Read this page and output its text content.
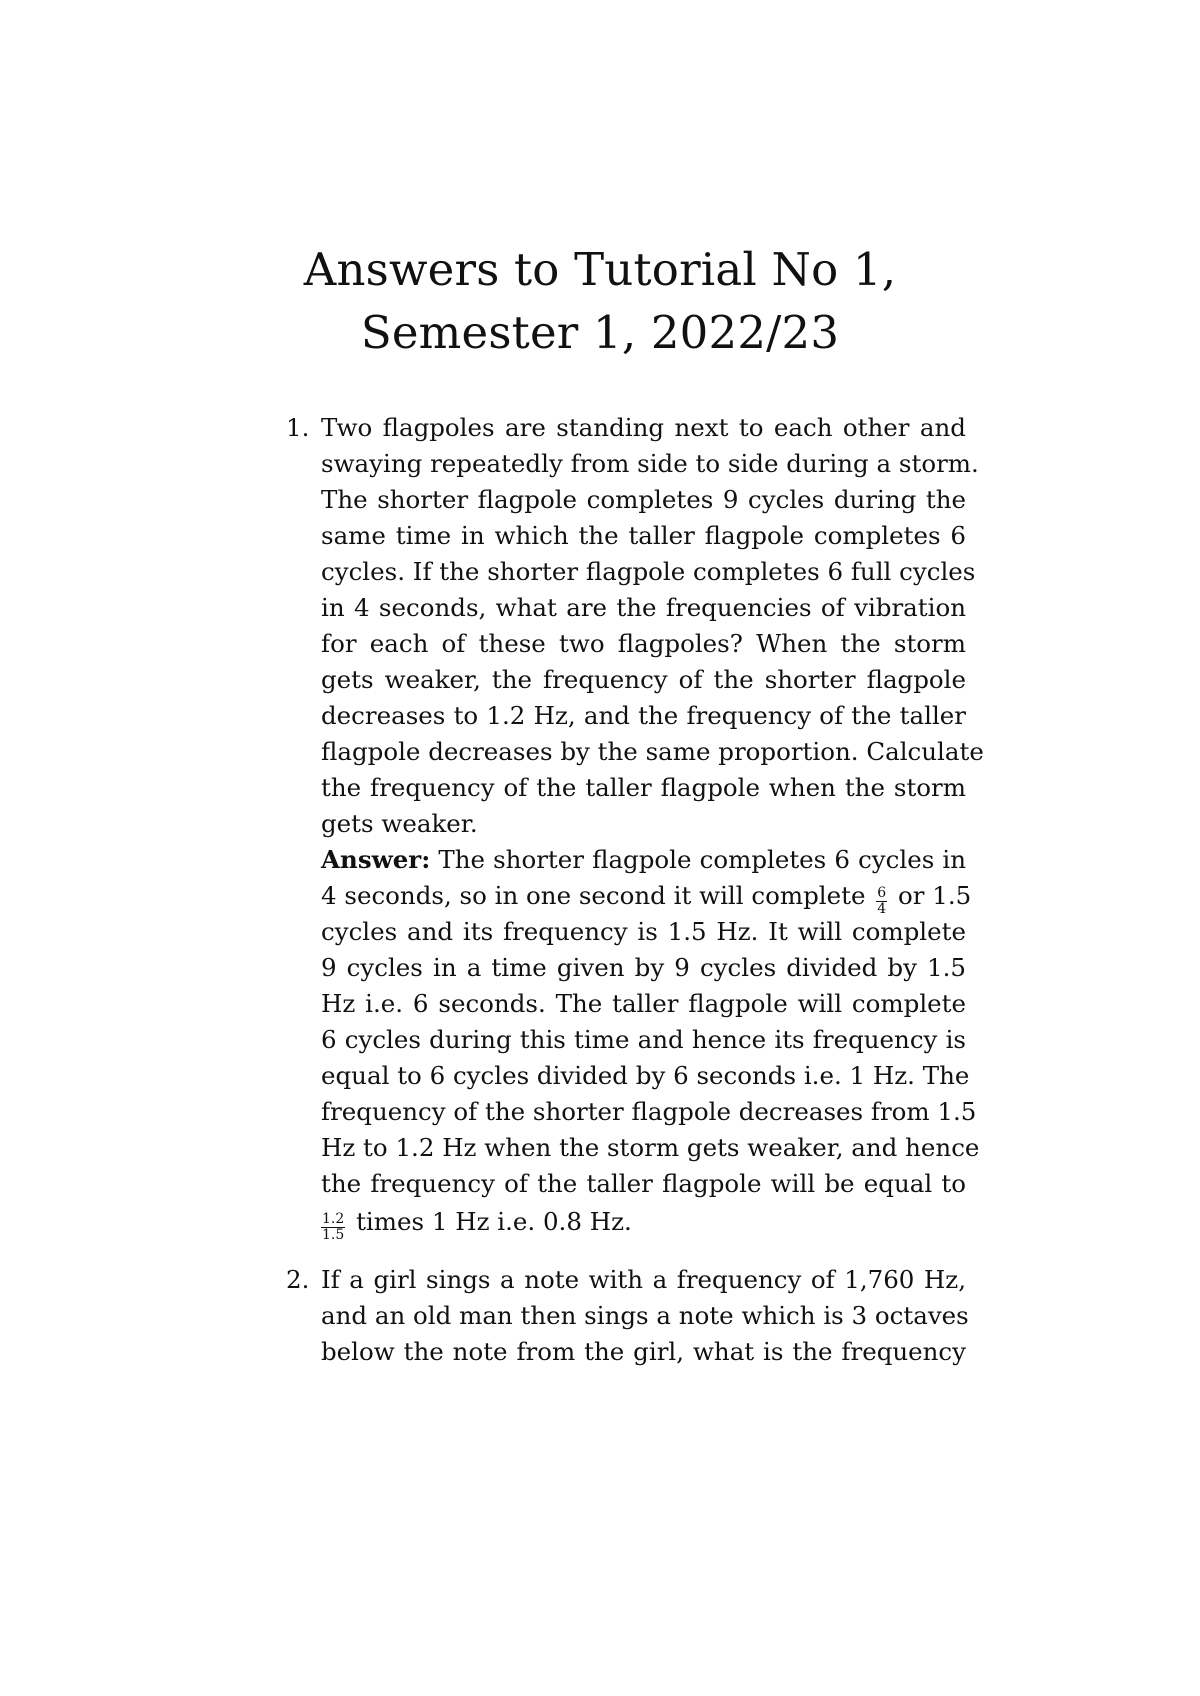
Answers to Tutorial No 1,
Semester 1, 2022/23
1. Two flagpoles are standing next to each other and
swaying repeatedly from side to side during a storm.
The shorter flagpole completes 9 cycles during the
same time in which the taller flagpole completes 6
cycles. If the shorter flagpole completes 6 full cycles
in 4 seconds, what are the frequencies of vibration
for each of these two flagpoles? When the storm
gets weaker, the frequency of the shorter flagpole
decreases to 1.2 Hz, and the frequency of the taller
flagpole decreases by the same proportion. Calculate
the frequency of the taller flagpole when the storm
gets weaker.
Answer: The shorter flagpole completes 6 cycles in
4 seconds, so in one second it will complete $\frac{6}{4}$ or 1.5
cycles and its frequency is 1.5 Hz. It will complete
9 cycles in a time given by 9 cycles divided by 1.5
Hz i.e. 6 seconds. The taller flagpole will complete
6 cycles during this time and hence its frequency is
equal to 6 cycles divided by 6 seconds i.e. 1 Hz. The
frequency of the shorter flagpole decreases from 1.5
Hz to 1.2 Hz when the storm gets weaker, and hence
the frequency of the taller flagpole will be equal to
$\frac{1.2}{1.5}$ times 1 Hz i.e. 0.8 Hz.
2. If a girl sings a note with a frequency of 1,760 Hz,
and an old man then sings a note which is 3 octaves
below the note from the girl, what is the frequency
